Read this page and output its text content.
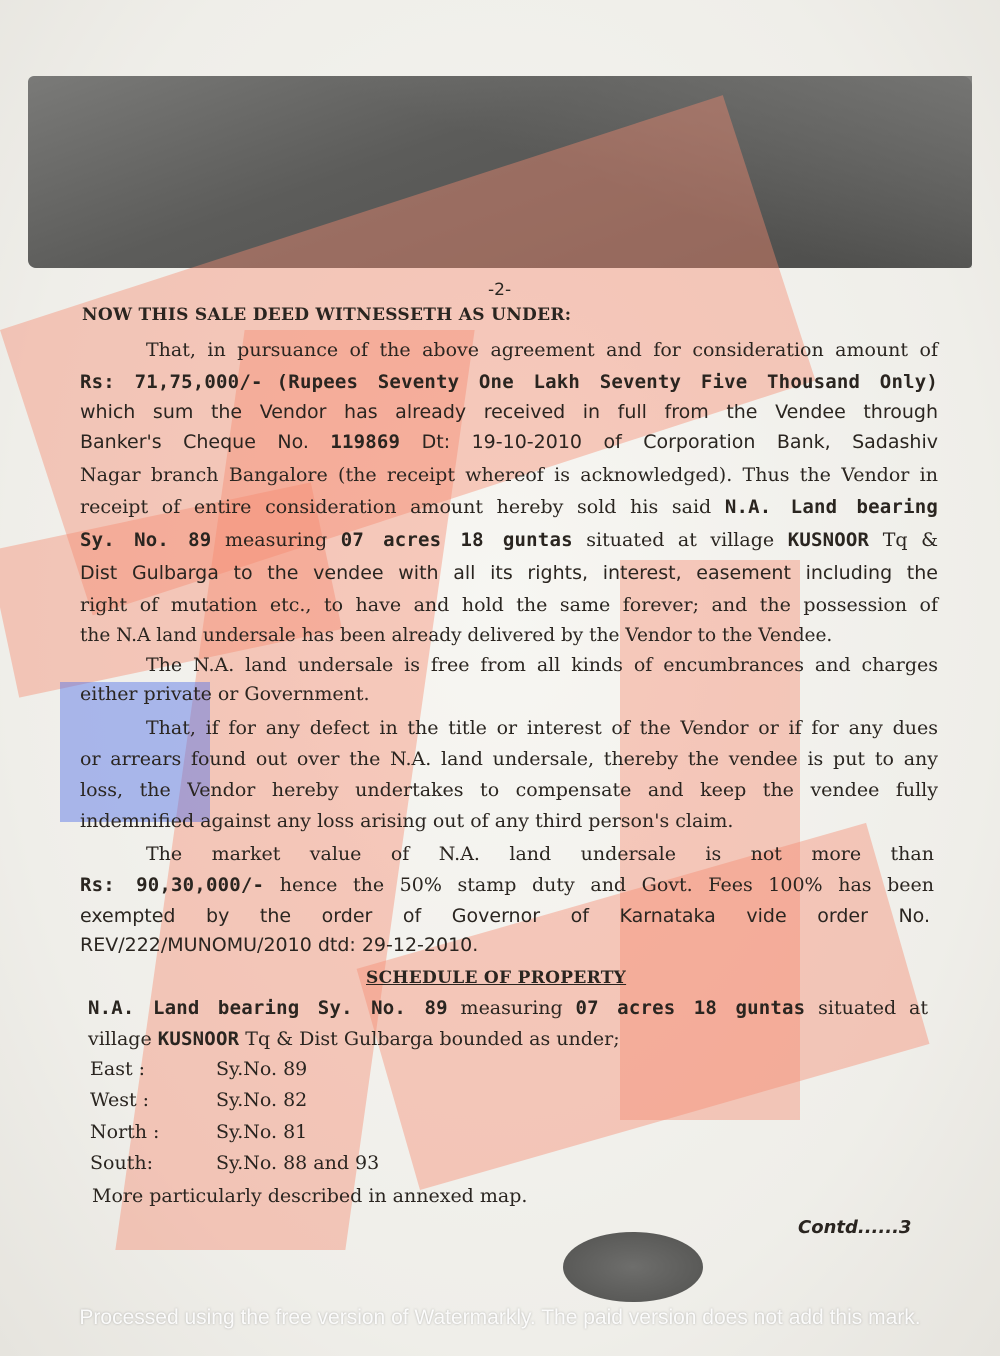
-2-
NOW THIS SALE DEED WITNESSETH AS UNDER:
That, in pursuance of the above agreement and for consideration amount of
Rs: 71,75,000/- (Rupees Seventy One Lakh Seventy Five Thousand Only)
which sum the Vendor has already received in full from the Vendee through
Banker's Cheque No. 119869 Dt: 19-10-2010 of Corporation Bank, Sadashiv
Nagar branch Bangalore (the receipt whereof is acknowledged). Thus the Vendor in
receipt of entire consideration amount hereby sold his said N.A. Land bearing
Sy. No. 89 measuring 07 acres 18 guntas situated at village KUSNOOR Tq &
Dist Gulbarga to the vendee with all its rights, interest, easement including the
right of mutation etc., to have and hold the same forever; and the possession of
the N.A land undersale has been already delivered by the Vendor to the Vendee.
The N.A. land undersale is free from all kinds of encumbrances and charges
either private or Government.
That, if for any defect in the title or interest of the Vendor or if for any dues
or arrears found out over the N.A. land undersale, thereby the vendee is put to any
loss, the Vendor hereby undertakes to compensate and keep the vendee fully
indemnified against any loss arising out of any third person's claim.
The market value of N.A. land undersale is not more than
Rs: 90,30,000/- hence the 50% stamp duty and Govt. Fees 100% has been
exempted by the order of Governor of Karnataka vide order No.
REV/222/MUNOMU/2010 dtd: 29-12-2010.
SCHEDULE OF PROPERTY
N.A. Land bearing Sy. No. 89 measuring 07 acres 18 guntas situated at
village KUSNOOR Tq & Dist Gulbarga bounded as under;
East :	Sy.No. 89
West :	Sy.No. 82
North :	Sy.No. 81
South:	Sy.No. 88 and 93
More particularly described in annexed map.
Contd......3
Processed using the free version of Watermarkly. The paid version does not add this mark.
